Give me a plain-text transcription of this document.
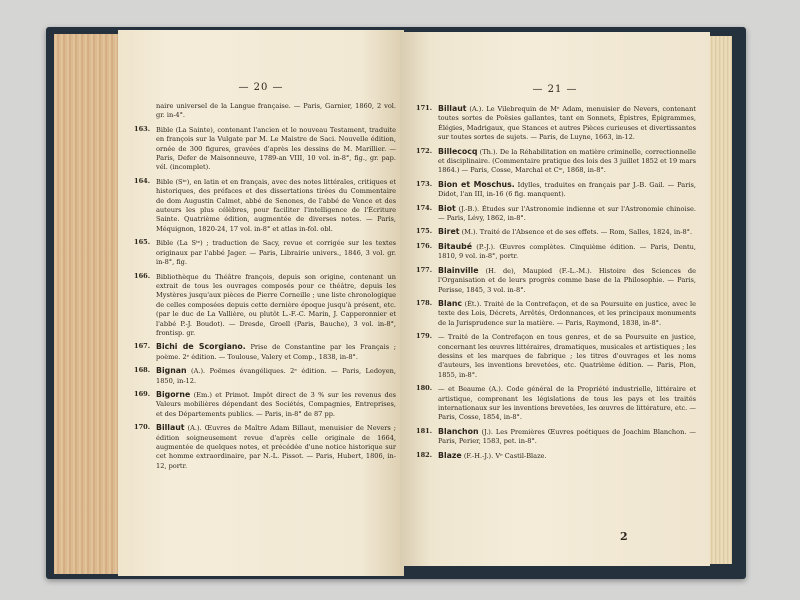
— 20 —
naire universel de la Langue française. — Paris, Garnier, 1860, 2 vol. gr. in-4°.
163. Bible (La Sainte), contenant l'ancien et le nouveau Testament, traduite en françois sur la Vulgate par M. Le Maistre de Saci. Nouvelle édition, ornée de 300 figures, gravées d'après les dessins de M. Marillier. — Paris, Defer de Maisonneuve, 1789-an VIII, 10 vol. in-8°, fig., gr. pap. vél. (incomplet).
164. Bible (Sᵗᵉ), en latin et en français, avec des notes littérales, critiques et historiques, des préfaces et des dissertations tirées du Commentaire de dom Augustin Calmet, abbé de Senones, de l'abbé de Vence et des auteurs les plus célèbres, pour faciliter l'intelligence de l'Écriture Sainte. Quatrième édition, augmentée de diverses notes. — Paris, Méquignon, 1820-24, 17 vol. in-8° et atlas in-fol. obl.
165. Bible (La Sᵗᵉ) ; traduction de Sacy, revue et corrigée sur les textes originaux par l'abbé Jager. — Paris, Librairie univers., 1846, 3 vol. gr. in-8°, fig.
166. Bibliothèque du Théâtre françois, depuis son origine, contenant un extrait de tous les ouvrages composés pour ce théâtre, depuis les Mystères jusqu'aux pièces de Pierre Corneille ; une liste chronologique de celles composées depuis cette dernière époque jusqu'à présent, etc. (par le duc de La Vallière, ou plutôt L.-F.-C. Marin, J. Capperonnier et l'abbé P.-J. Boudot). — Dresde, Groell (Paris, Bauche), 3 vol. in-8°, frontisp. gr.
167. Bichi de Scorgiano. Prise de Constantine par les Français ; poème. 2ᵉ édition. — Toulouse, Valery et Comp., 1838, in-8°.
168. Bignan (A.). Poëmes évangéliques. 2ᵉ édition. — Paris, Ledoyen, 1850, in-12.
169. Bigorne (Em.) et Primot. Impôt direct de 3 % sur les revenus des Valeurs mobilières dépendant des Sociétés, Compagnies, Entreprises, et des Départements publics. — Paris, in-8° de 87 pp.
170. Billaut (A.). Œuvres de Maître Adam Billaut, menuisier de Nevers ; édition soigneusement revue d'après celle originale de 1664, augmentée de quelques notes, et précédée d'une notice historique sur cet homme extraordinaire, par N.-L. Pissot. — Paris, Hubert, 1806, in-12, portr.
— 21 —
171. Billaut (A.). Le Vilebrequin de Mᵉ Adam, menuisier de Nevers, contenant toutes sortes de Poësies gallantes, tant en Sonnets, Épistres, Épigrammes, Élégies, Madrigaux, que Stances et autres Pièces curieuses et divertissantes sur toutes sortes de sujets. — Paris, de Luyne, 1663, in-12.
172. Billecocq (Th.). De la Réhabilitation en matière criminelle, correctionnelle et disciplinaire. (Commentaire pratique des lois des 3 juillet 1852 et 19 mars 1864.) — Paris, Cosse, Marchal et Cⁱᵉ, 1868, in-8°.
173. Bion et Moschus. Idylles, traduites en français par J.-B. Gail. — Paris, Didot, l'an III, in-16 (6 fig. manquent).
174. Biot (J.-B.). Études sur l'Astronomie indienne et sur l'Astronomie chinoise. — Paris, Lévy, 1862, in-8°.
175. Biret (M.). Traité de l'Absence et de ses effets. — Rom, Salles, 1824, in-8°.
176. Bitaubé (P.-J.). Œuvres complètes. Cinquième édition. — Paris, Dentu, 1810, 9 vol. in-8°, portr.
177. Blainville (H. de), Maupied (F.-L.-M.). Histoire des Sciences de l'Organisation et de leurs progrès comme base de la Philosophie. — Paris, Perisse, 1845, 3 vol. in-8°.
178. Blanc (Ét.). Traité de la Contrefaçon, et de sa Poursuite en justice, avec le texte des Lois, Décrets, Arrêtés, Ordonnances, et les principaux monuments de la Jurisprudence sur la matière. — Paris, Raymond, 1838, in-8°.
179. — Traité de la Contrefaçon en tous genres, et de sa Poursuite en justice, concernant les œuvres littéraires, dramatiques, musicales et artistiques ; les dessins et les marques de fabrique ; les titres d'ouvrages et les noms d'auteurs, les inventions brevetées, etc. Quatrième édition. — Paris, Plon, 1855, in-8°.
180. — et Beaume (A.). Code général de la Propriété industrielle, littéraire et artistique, comprenant les législations de tous les pays et les traités internationaux sur les inventions brevetées, les œuvres de littérature, etc. — Paris, Cosse, 1854, in-8°.
181. Blanchon (J.). Les Premières Œuvres poétiques de Joachim Blanchon. — Paris, Perier, 1583, pet. in-8°.
182. Blaze (F.-H.-J.). Vᵉ Castil-Blaze.
2
